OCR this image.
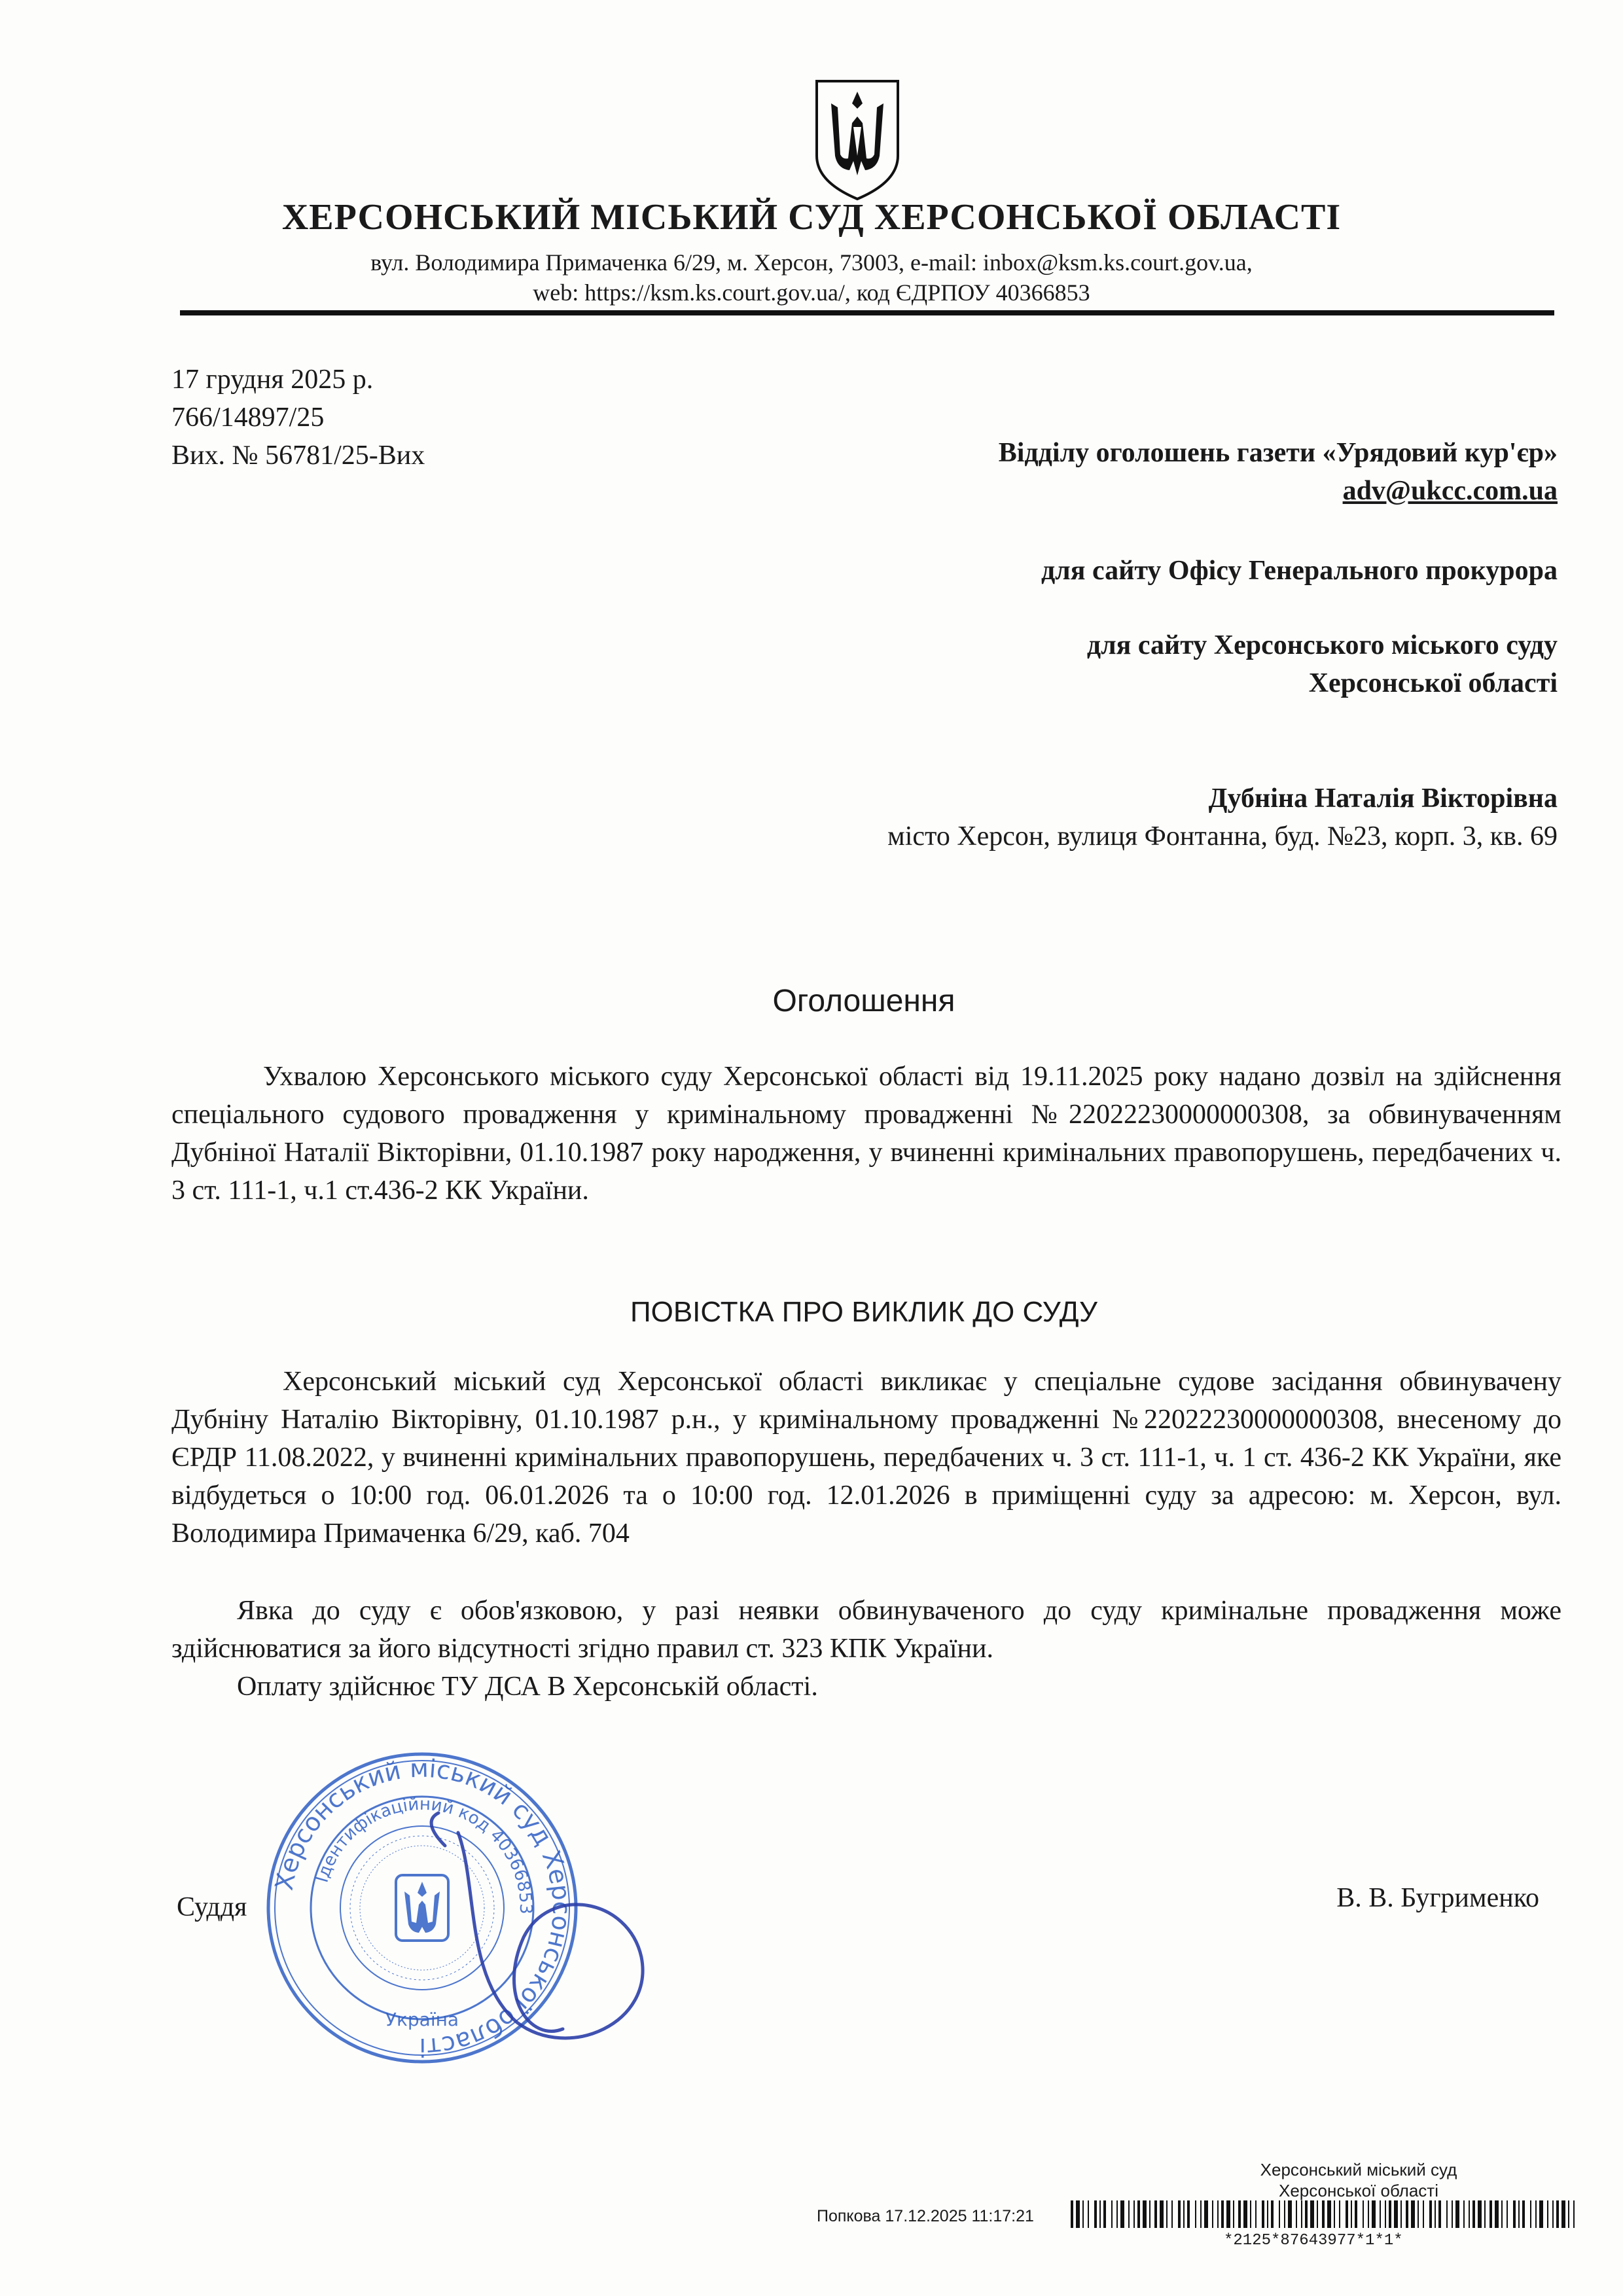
ХЕРСОНСЬКИЙ МІСЬКИЙ СУД ХЕРСОНСЬКОЇ ОБЛАСТІ
вул. Володимира Примаченка 6/29, м. Херсон, 73003, e-mail: inbox@ksm.ks.court.gov.ua,
web: https://ksm.ks.court.gov.ua/, код ЄДРПОУ 40366853
17 грудня 2025 р.
766/14897/25
Вих. № 56781/25-Вих	Відділу оголошень газети «Урядовий кур'єр»
adv@ukcc.com.ua
для сайту Офісу Генерального прокурора
для сайту Херсонського міського суду
Херсонської області
Дубніна Наталія Вікторівна
місто Херсон, вулиця Фонтанна, буд. №23, корп. 3, кв. 69
Оголошення
Ухвалою Херсонського міського суду Херсонської області від 19.11.2025 року надано дозвіл на здійснення спеціального судового провадження у кримінальному провадженні №22022230000000308, за обвинуваченням Дубніної Наталії Вікторівни, 01.10.1987 року народження, у вчиненні кримінальних правопорушень, передбачених ч. 3 ст. 111-1, ч.1 ст.436-2 КК України.
ПОВІСТКА ПРО ВИКЛИК ДО СУДУ
Херсонський міський суд Херсонської області викликає у спеціальне судове засідання обвинувачену Дубніну Наталію Вікторівну, 01.10.1987 р.н., у кримінальному провадженні №22022230000000308, внесеному до ЄРДР 11.08.2022, у вчиненні кримінальних правопорушень, передбачених ч. 3 ст. 111-1, ч. 1 ст. 436-2 КК України, яке відбудеться о 10:00 год. 06.01.2026 та о 10:00 год. 12.01.2026 в приміщенні суду за адресою: м. Херсон, вул. Володимира Примаченка 6/29, каб. 704
Явка до суду є обов'язковою, у разі неявки обвинуваченого до суду кримінальне провадження може здійснюватися за його відсутності згідно правил ст. 323 КПК України.
Оплату здійснює ТУ ДСА В Херсонській області.
Суддя
Херсонський міський суд Херсонської області
Ідентифікаційний код 40366853
Україна
В. В. Бугрименко
Херсонський міський суд
Херсонської області
Попкова 17.12.2025 11:17:21
*2125*87643977*1*1*
